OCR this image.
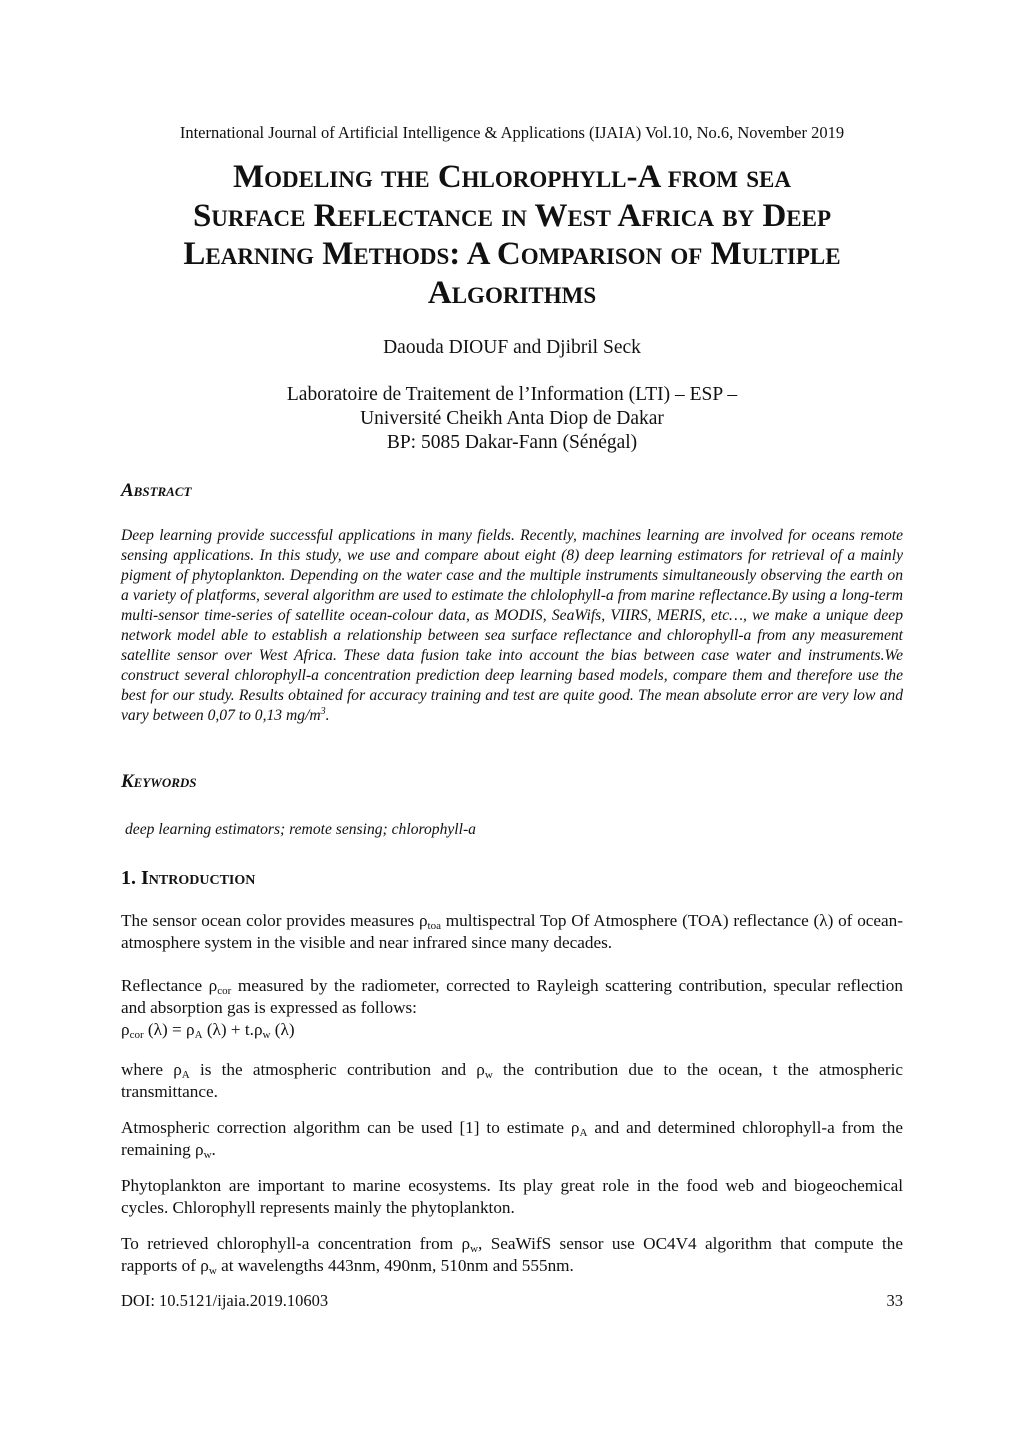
International Journal of Artificial Intelligence & Applications (IJAIA) Vol.10, No.6, November 2019
Modeling the Chlorophyll-A from sea
Surface Reflectance in West Africa by Deep
Learning Methods: A Comparison of Multiple
Algorithms
Daouda DIOUF and Djibril Seck
Laboratoire de Traitement de l’Information (LTI) – ESP –
Université Cheikh Anta Diop de Dakar
BP: 5085 Dakar-Fann (Sénégal)
Abstract

Deep learning provide successful applications in many fields. Recently, machines learning are involved for oceans remote sensing applications. In this study, we use and compare about eight (8) deep learning estimators for retrieval of a mainly pigment of phytoplankton. Depending on the water case and the multiple instruments simultaneously observing the earth on a variety of platforms, several algorithm are used to estimate the chlolophyll-a from marine reflectance.By using a long-term multi-sensor time-series of satellite ocean-colour data, as MODIS, SeaWifs, VIIRS, MERIS, etc…, we make a unique deep network model able to establish a relationship between sea surface reflectance and chlorophyll-a from any measurement satellite sensor over West Africa. These data fusion take into account the bias between case water and instruments.We construct several chlorophyll-a concentration prediction deep learning based models, compare them and therefore use the best for our study. Results obtained for accuracy training and test are quite good. The mean absolute error are very low and vary between 0,07 to 0,13 $mg/m^3$.

Keywords

deep learning estimators; remote sensing; chlorophyll-a

1. Introduction

The sensor ocean color provides measures $\rho_{toa}$ multispectral Top Of Atmosphere (TOA) reflectance (λ) of ocean-atmosphere system in the visible and near infrared since many decades.

Reflectance $\rho_{cor}$ measured by the radiometer, corrected to Rayleigh scattering contribution, specular reflection and absorption gas is expressed as follows:
$\rho_{cor}$ $(\lambda) = \rho_A$ $(\lambda) + t.\rho_w$ (λ)

where $\rho_A$ is the atmospheric contribution and $\rho_w$ the contribution due to the ocean, t the atmospheric transmittance.

Atmospheric correction algorithm can be used [1] to estimate $\rho_A$ and and determined chlorophyll-a from the remaining $\rho_w$.

Phytoplankton are important to marine ecosystems. Its play great role in the food web and biogeochemical cycles. Chlorophyll represents mainly the phytoplankton.

To retrieved chlorophyll-a concentration from $\rho_w$, SeaWifS sensor use OC4V4 algorithm that compute the rapports of $\rho_w$ at wavelengths 443nm, 490nm, 510nm and 555nm.

DOI: 10.5121/ijaia.2019.10603	33
